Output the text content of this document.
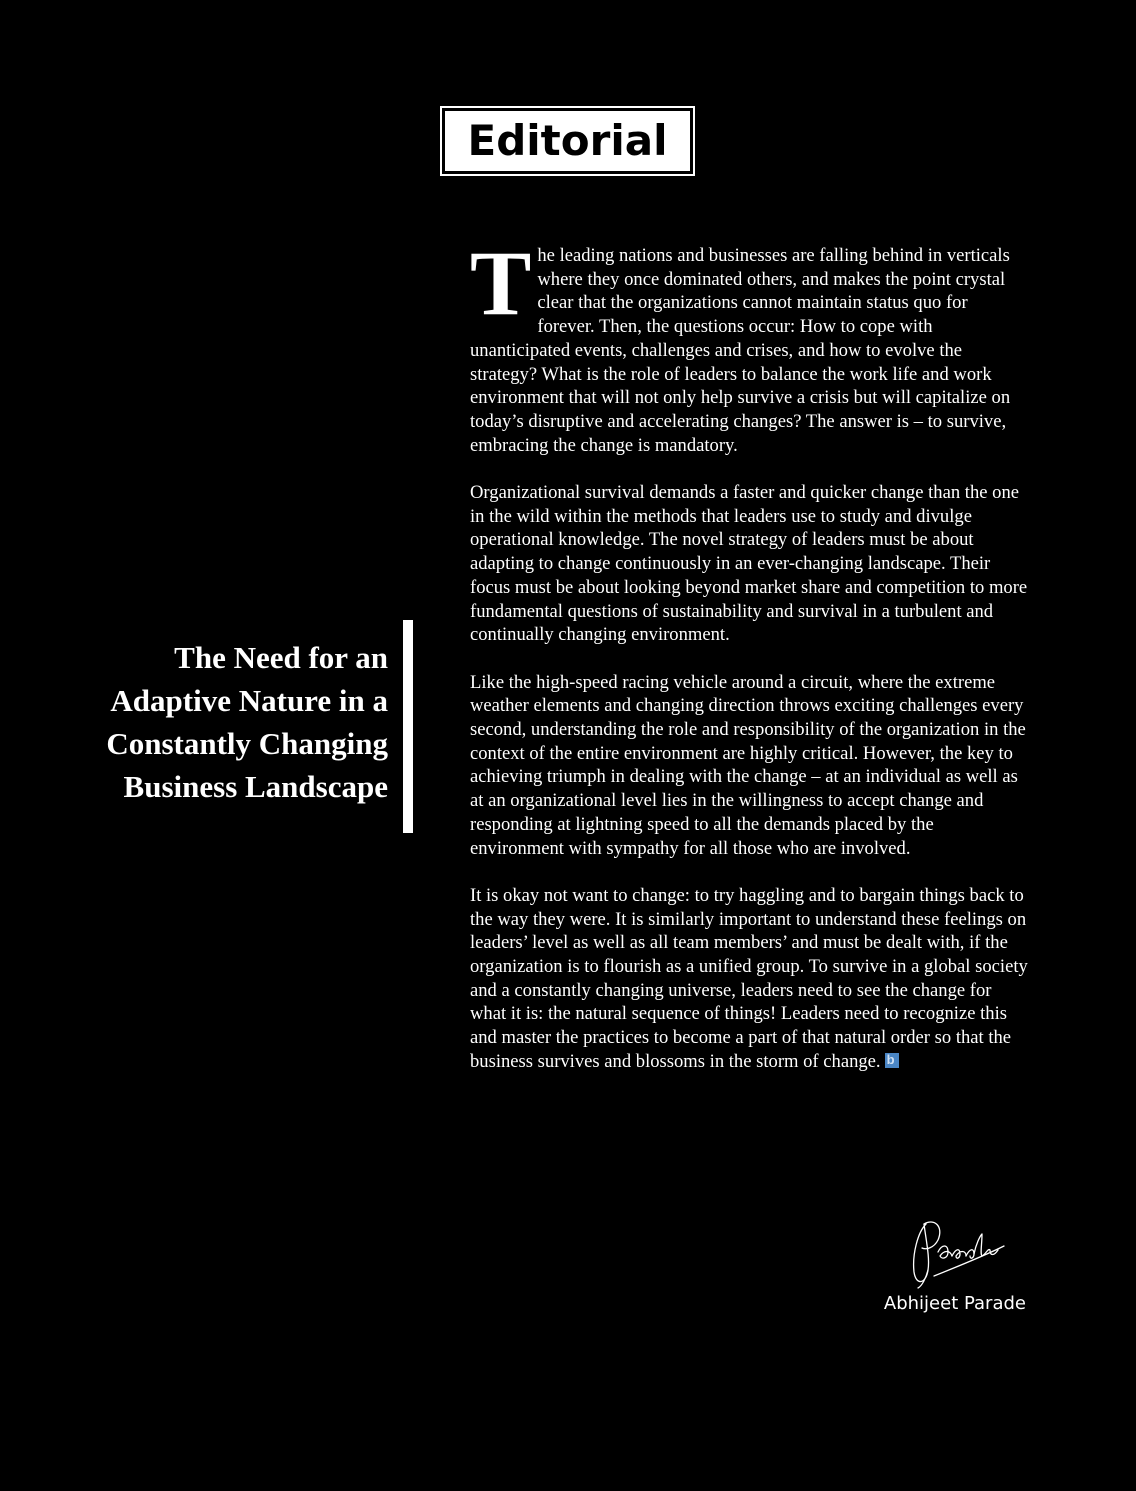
Editorial
The Need for an
Adaptive Nature in a
Constantly Changing
Business Landscape

The leading nations and businesses are falling behind in verticals where they once dominated others, and makes the point crystal clear that the organizations cannot maintain status quo for forever. Then, the questions occur: How to cope with unanticipated events, challenges and crises, and how to evolve the strategy? What is the role of leaders to balance the work life and work environment that will not only help survive a crisis but will capitalize on today’s disruptive and accelerating changes? The answer is – to survive, embracing the change is mandatory.

Organizational survival demands a faster and quicker change than the one in the wild within the methods that leaders use to study and divulge operational knowledge. The novel strategy of leaders must be about adapting to change continuously in an ever-changing landscape. Their focus must be about looking beyond market share and competition to more fundamental questions of sustainability and survival in a turbulent and continually changing environment.

Like the high-speed racing vehicle around a circuit, where the extreme weather elements and changing direction throws exciting challenges every second, understanding the role and responsibility of the organization in the context of the entire environment are highly critical. However, the key to achieving triumph in dealing with the change – at an individual as well as at an organizational level lies in the willingness to accept change and responding at lightning speed to all the demands placed by the environment with sympathy for all those who are involved.

It is okay not want to change: to try haggling and to bargain things back to the way they were. It is similarly important to understand these feelings on leaders’ level as well as all team members’ and must be dealt with, if the organization is to flourish as a unified group. To survive in a global society and a constantly changing universe, leaders need to see the change for what it is: the natural sequence of things! Leaders need to recognize this and master the practices to become a part of that natural order so that the business survives and blossoms in the storm of change. b

Abhijeet Parade
